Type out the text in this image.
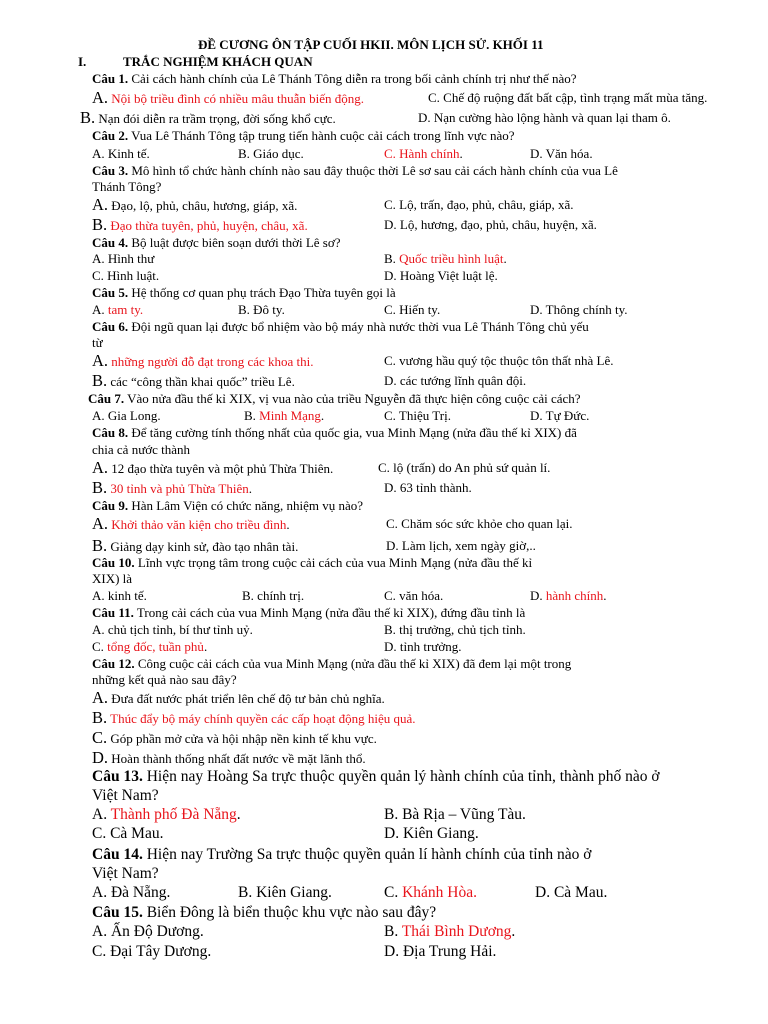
ĐỀ CƯƠNG ÔN TẬP CUỐI HKII. MÔN LỊCH SỬ. KHỐI 11
I.	TRẮC NGHIỆM KHÁCH QUAN
Câu 1. Cải cách hành chính của Lê Thánh Tông diễn ra trong bối cảnh chính trị như thế nào?
A. Nội bộ triều đình có nhiều mâu thuẫn biến động.	C. Chế độ ruộng đất bất cập, tình trạng mất mùa tăng.
B. Nạn đói diễn ra trầm trọng, đời sống khổ cực.	D. Nạn cường hào lộng hành và quan lại tham ô.
Câu 2. Vua Lê Thánh Tông tập trung tiến hành cuộc cải cách trong lĩnh vực nào?
A. Kinh tế.	B. Giáo dục.	C. Hành chính.	D. Văn hóa.
Câu 3. Mô hình tổ chức hành chính nào sau đây thuộc thời Lê sơ sau cải cách hành chính của vua Lê
Thánh Tông?
A. Đạo, lộ, phủ, châu, hương, giáp, xã.	C. Lộ, trấn, đạo, phủ, châu, giáp, xã.
B. Đạo thừa tuyên, phủ, huyện, châu, xã.	D. Lộ, hương, đạo, phủ, châu, huyện, xã.
Câu 4. Bộ luật được biên soạn dưới thời Lê sơ?
A. Hình thư	B. Quốc triều hình luật.
C. Hình luật.	D. Hoàng Việt luật lệ.
Câu 5. Hệ thống cơ quan phụ trách Đạo Thừa tuyên gọi là
A. tam ty.	B. Đô ty.	C. Hiến ty.	D. Thông chính ty.
Câu 6. Đội ngũ quan lại được bổ nhiệm vào bộ máy nhà nước thời vua Lê Thánh Tông chủ yếu
từ
A. những người đỗ đạt trong các khoa thi.	C. vương hầu quý tộc thuộc tôn thất nhà Lê.
B. các “công thần khai quốc” triều Lê.	D. các tướng lĩnh quân đội.
Câu 7. Vào nửa đầu thế kỉ XIX, vị vua nào của triều Nguyễn đã thực hiện công cuộc cải cách?
A. Gia Long.	B. Minh Mạng.	C. Thiệu Trị.	D. Tự Đức.
Câu 8. Để tăng cường tính thống nhất của quốc gia, vua Minh Mạng (nửa đầu thế kỉ XIX) đã
chia cả nước thành
A. 12 đạo thừa tuyên và một phủ Thừa Thiên.	C. lộ (trấn) do An phủ sứ quản lí.
B. 30 tỉnh và phủ Thừa Thiên.	D. 63 tỉnh thành.
Câu 9. Hàn Lâm Viện có chức năng, nhiệm vụ nào?
A. Khởi thảo văn kiện cho triều đình.	C. Chăm sóc sức khỏe cho quan lại.
B. Giảng dạy kinh sử, đào tạo nhân tài.	D. Làm lịch, xem ngày giờ,..
Câu 10. Lĩnh vực trọng tâm trong cuộc cải cách của vua Minh Mạng (nửa đầu thế kỉ
XIX) là
A. kinh tế.	B. chính trị.	C. văn hóa.	D. hành chính.
Câu 11. Trong cải cách của vua Minh Mạng (nửa đầu thế kỉ XIX), đứng đầu tỉnh là
A. chủ tịch tỉnh, bí thư tỉnh uỷ.	B. thị trưởng, chủ tịch tỉnh.
C. tổng đốc, tuần phủ.	D. tỉnh trưởng.
Câu 12. Công cuộc cải cách của vua Minh Mạng (nửa đầu thế kỉ XIX) đã đem lại một trong
những kết quả nào sau đây?
A. Đưa đất nước phát triển lên chế độ tư bản chủ nghĩa.
B. Thúc đẩy bộ máy chính quyền các cấp hoạt động hiệu quả.
C. Góp phần mở cửa và hội nhập nền kinh tế khu vực.
D. Hoàn thành thống nhất đất nước về mặt lãnh thổ.
Câu 13. Hiện nay Hoàng Sa trực thuộc quyền quản lý hành chính của tỉnh, thành phố nào ở
Việt Nam?
A. Thành phố Đà Nẵng.	B. Bà Rịa – Vũng Tàu.
C. Cà Mau.	D. Kiên Giang.
Câu 14. Hiện nay Trường Sa trực thuộc quyền quản lí hành chính của tỉnh nào ở
Việt Nam?
A. Đà Nẵng.	B. Kiên Giang.	C. Khánh Hòa.	D. Cà Mau.
Câu 15. Biển Đông là biển thuộc khu vực nào sau đây?
A. Ấn Độ Dương.	B. Thái Bình Dương.
C. Đại Tây Dương.	D. Địa Trung Hải.
